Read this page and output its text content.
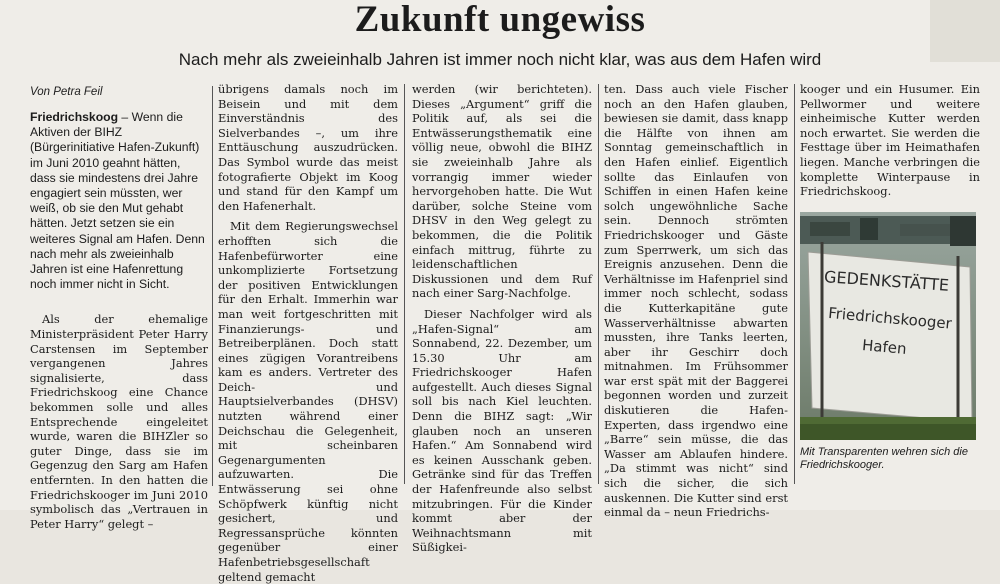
Zukunft ungewiss
Nach mehr als zweieinhalb Jahren ist immer noch nicht klar, was aus dem Hafen wird
Von Petra Feil

Friedrichskoog – Wenn die Aktiven der BIHZ (Bürgerinitiative Hafen-Zukunft) im Juni 2010 geahnt hätten, dass sie mindestens drei Jahre engagiert sein müssten, wer weiß, ob sie den Mut gehabt hätten. Jetzt setzen sie ein weiteres Signal am Hafen. Denn nach mehr als zweieinhalb Jahren ist eine Hafenrettung noch immer nicht in Sicht.

Als der ehemalige Ministerpräsident Peter Harry Carstensen im September vergangenen Jahres signalisierte, dass Friedrichskoog eine Chance bekommen solle und alles Entsprechende eingeleitet wurde, waren die BIHZler so guter Dinge, dass sie im Gegenzug den Sarg am Hafen entfernten. In den hatten die Friedrichskooger im Juni 2010 symbolisch das „Vertrauen in Peter Harry“ gelegt –

übrigens damals noch im Beisein und mit dem Einverständnis des Sielverbandes –, um ihre Enttäuschung auszudrücken. Das Symbol wurde das meist fotografierte Objekt im Koog und stand für den Kampf um den Hafenerhalt.

Mit dem Regierungswechsel erhofften sich die Hafenbefürworter eine unkomplizierte Fortsetzung der positiven Entwicklungen für den Erhalt. Immerhin war man weit fortgeschritten mit Finanzierungs- und Betreiberplänen. Doch statt eines zügigen Vorantreibens kam es anders. Vertreter des Deich- und Hauptsielverbandes (DHSV) nutzten während einer Deichschau die Gelegenheit, mit scheinbaren Gegenargumenten aufzuwarten. Die Entwässerung sei ohne Schöpfwerk künftig nicht gesichert, und Regressansprüche könnten gegenüber einer Hafenbetriebsgesellschaft geltend gemacht

werden (wir berichteten). Dieses „Argument“ griff die Politik auf, als sei die Entwässerungsthematik eine völlig neue, obwohl die BIHZ sie zweieinhalb Jahre als vorrangig immer wieder hervorgehoben hatte. Die Wut darüber, solche Steine vom DHSV in den Weg gelegt zu bekommen, die die Politik einfach mittrug, führte zu leidenschaftlichen Diskussionen und dem Ruf nach einer Sarg-Nachfolge.

Dieser Nachfolger wird als „Hafen-Signal“ am Sonnabend, 22. Dezember, um 15.30 Uhr am Friedrichskooger Hafen aufgestellt. Auch dieses Signal soll bis nach Kiel leuchten. Denn die BIHZ sagt: „Wir glauben noch an unseren Hafen.“ Am Sonnabend wird es keinen Ausschank geben. Getränke sind für das Treffen der Hafenfreunde also selbst mitzubringen. Für die Kinder kommt aber der Weihnachtsmann mit Süßigkei-

ten. Dass auch viele Fischer noch an den Hafen glauben, bewiesen sie damit, dass knapp die Hälfte von ihnen am Sonntag gemeinschaftlich in den Hafen einlief. Eigentlich sollte das Einlaufen von Schiffen in einen Hafen keine solch ungewöhnliche Sache sein. Dennoch strömten Friedrichskooger und Gäste zum Sperrwerk, um sich das Ereignis anzusehen. Denn die Verhältnisse im Hafenpriel sind immer noch schlecht, sodass die Kutterkapitäne gute Wasserverhältnisse abwarten mussten, ihre Tanks leerten, aber ihr Geschirr doch mitnahmen. Im Frühsommer war erst spät mit der Baggerei begonnen worden und zurzeit diskutieren die Hafen-Experten, dass irgendwo eine „Barre“ sein müsse, die das Wasser am Ablaufen hindere. „Da stimmt was nicht“ sind sich die sicher, die sich auskennen. Die Kutter sind erst einmal da – neun Friedrichs-

kooger und ein Husumer. Ein Pellwormer und weitere einheimische Kutter werden noch erwartet. Sie werden die Festtage über im Heimathafen liegen. Manche verbringen die komplette Winterpause in Friedrichskoog.

GEDENKSTÄTTE
Friedrichskooger
Hafen
Mit Transparenten wehren sich die Friedrichskooger.
